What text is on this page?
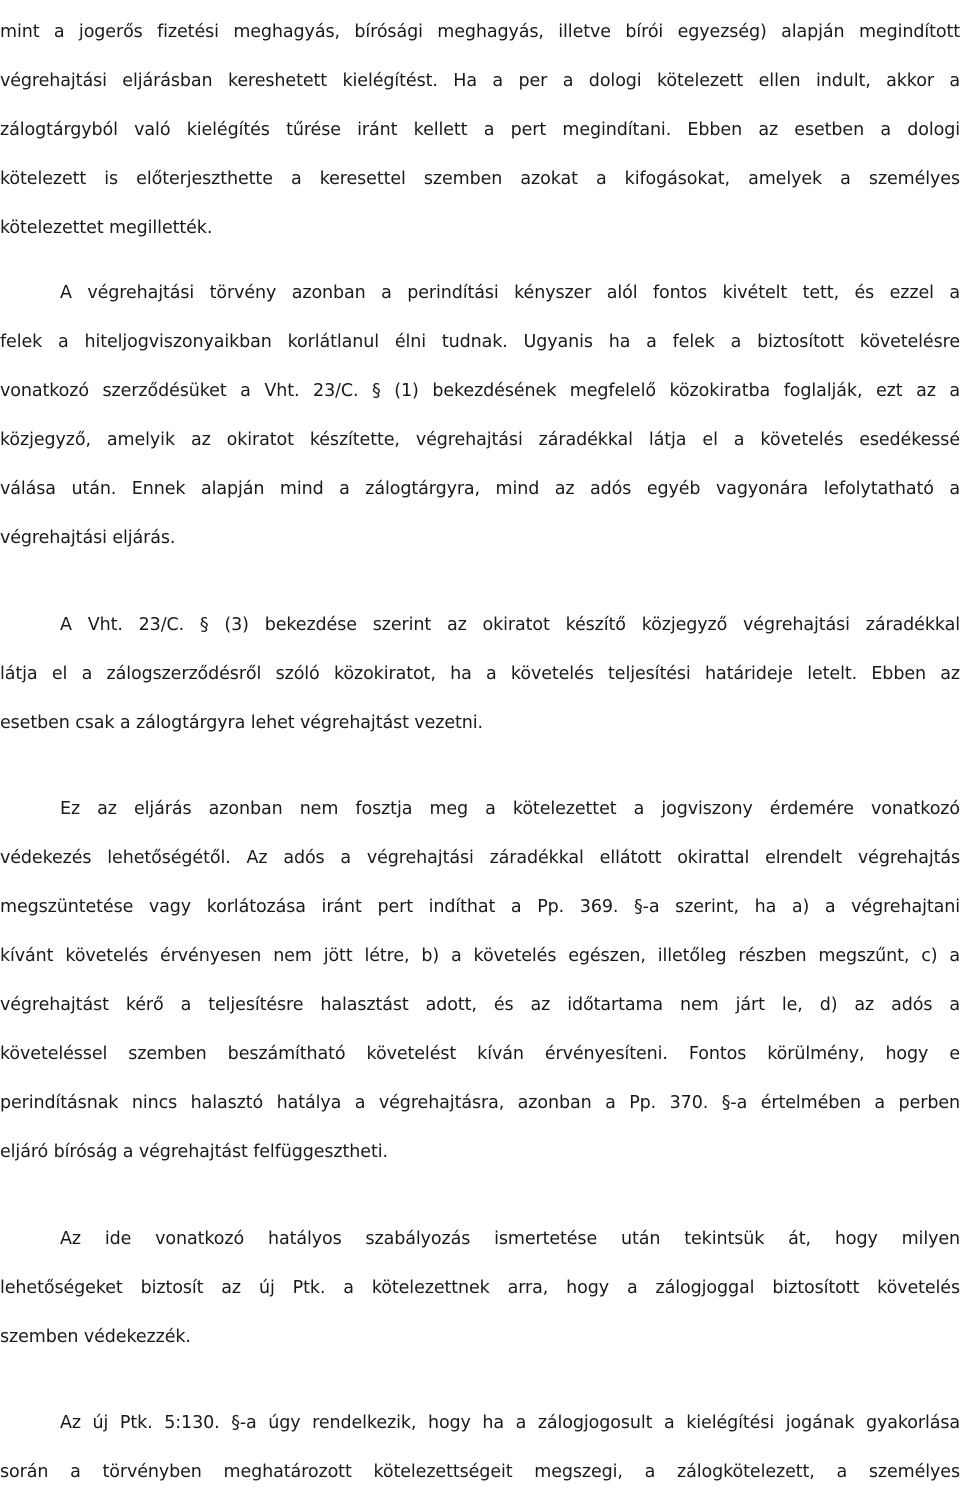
mint a jogerős fizetési meghagyás, bírósági meghagyás, illetve bírói egyezség) alapján megindított
végrehajtási eljárásban kereshetett kielégítést. Ha a per a dologi kötelezett ellen indult, akkor a
zálogtárgyból való kielégítés tűrése iránt kellett a pert megindítani. Ebben az esetben a dologi
kötelezett is előterjeszthette a keresettel szemben azokat a kifogásokat, amelyek a személyes
kötelezettet megillették.
A végrehajtási törvény azonban a perindítási kényszer alól fontos kivételt tett, és ezzel a
felek a hiteljogviszonyaikban korlátlanul élni tudnak. Ugyanis ha a felek a biztosított követelésre
vonatkozó szerződésüket a Vht. 23/C. § (1) bekezdésének megfelelő közokiratba foglalják, ezt az a
közjegyző, amelyik az okiratot készítette, végrehajtási záradékkal látja el a követelés esedékessé
válása után. Ennek alapján mind a zálogtárgyra, mind az adós egyéb vagyonára lefolytatható a
végrehajtási eljárás.
A Vht. 23/C. § (3) bekezdése szerint az okiratot készítő közjegyző végrehajtási záradékkal
látja el a zálogszerződésről szóló közokiratot, ha a követelés teljesítési határideje letelt. Ebben az
esetben csak a zálogtárgyra lehet végrehajtást vezetni.
Ez az eljárás azonban nem fosztja meg a kötelezettet a jogviszony érdemére vonatkozó
védekezés lehetőségétől. Az adós a végrehajtási záradékkal ellátott okirattal elrendelt végrehajtás
megszüntetése vagy korlátozása iránt pert indíthat a Pp. 369. §-a szerint, ha a) a végrehajtani
kívánt követelés érvényesen nem jött létre, b) a követelés egészen, illetőleg részben megszűnt, c) a
végrehajtást kérő a teljesítésre halasztást adott, és az időtartama nem járt le, d) az adós a
követeléssel szemben beszámítható követelést kíván érvényesíteni. Fontos körülmény, hogy e
perindításnak nincs halasztó hatálya a végrehajtásra, azonban a Pp. 370. §-a értelmében a perben
eljáró bíróság a végrehajtást felfüggesztheti.
Az ide vonatkozó hatályos szabályozás ismertetése után tekintsük át, hogy milyen
lehetőségeket biztosít az új Ptk. a kötelezettnek arra, hogy a zálogjoggal biztosított követelés
szemben védekezzék.
Az új Ptk. 5:130. §-a úgy rendelkezik, hogy ha a zálogjogosult a kielégítési jogának gyakorlása
során a törvényben meghatározott kötelezettségeit megszegi, a zálogkötelezett, a személyes
